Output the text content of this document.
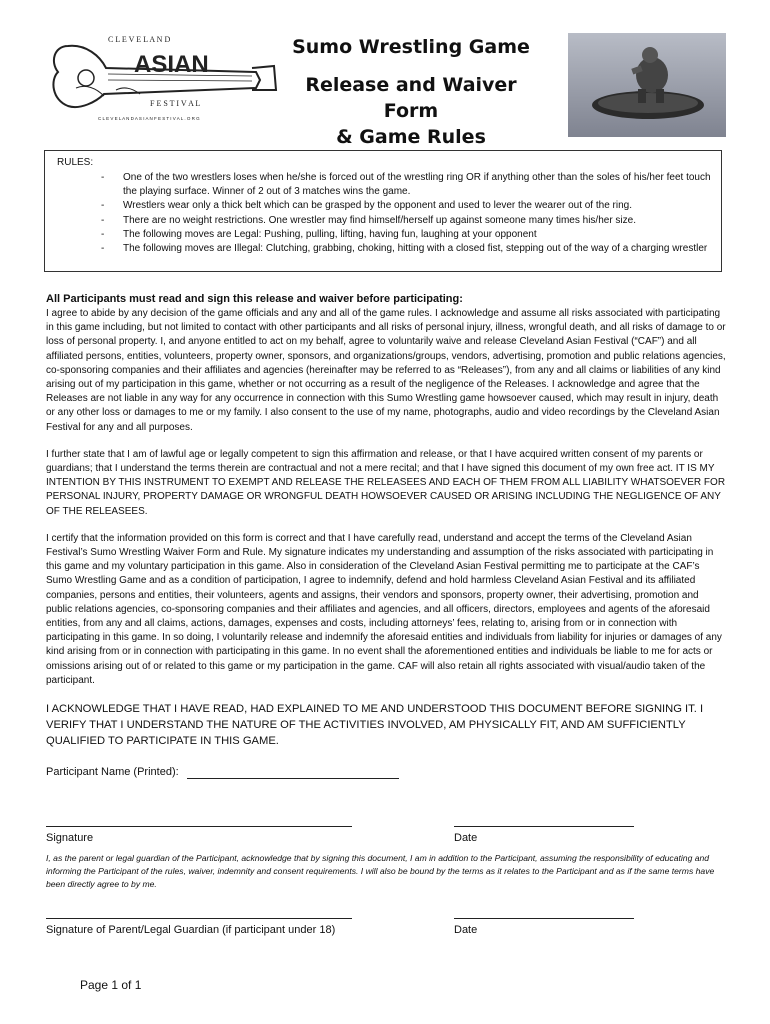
C L E V E L A N D
ASIAN
F E S T I V A L
C L E V E L A N D A S I A N F E S T I V A L . O R G
Sumo Wrestling Game
Release and Waiver Form
& Game Rules
RULES:
- One of the two wrestlers loses when he/she is forced out of the wrestling ring OR if anything other than the soles of his/her feet touch the playing surface. Winner of 2 out of 3 matches wins the game.
- Wrestlers wear only a thick belt which can be grasped by the opponent and used to lever the wearer out of the ring.
- There are no weight restrictions. One wrestler may find himself/herself up against someone many times his/her size.
- The following moves are Legal: Pushing, pulling, lifting, having fun, laughing at your opponent
- The following moves are Illegal: Clutching, grabbing, choking, hitting with a closed fist, stepping out of the way of a charging wrestler
All Participants must read and sign this release and waiver before participating:

I agree to abide by any decision of the game officials and any and all of the game rules. I acknowledge and assume all risks associated with participating in this game including, but not limited to contact with other participants and all risks of personal injury, illness, wrongful death, and all risks of damage to or loss of personal property. I, and anyone entitled to act on my behalf, agree to voluntarily waive and release Cleveland Asian Festival (“CAF”) and all affiliated persons, entities, volunteers, property owner, sponsors, and organizations/groups, vendors, advertising, promotion and public relations agencies, co-sponsoring companies and their affiliates and agencies (hereinafter may be referred to as “Releases”), from any and all claims or liabilities of any kind arising out of my participation in this game, whether or not occurring as a result of the negligence of the Releases. I acknowledge and agree that the Releases are not liable in any way for any occurrence in connection with this Sumo Wrestling game howsoever caused, which may result in injury, death or any other loss or damages to me or my family. I also consent to the use of my name, photographs, audio and video recordings by the Cleveland Asian Festival for any and all purposes.

I further state that I am of lawful age or legally competent to sign this affirmation and release, or that I have acquired written consent of my parents or guardians; that I understand the terms therein are contractual and not a mere recital; and that I have signed this document of my own free act. IT IS MY INTENTION BY THIS INSTRUMENT TO EXEMPT AND RELEASE THE RELEASEES AND EACH OF THEM FROM ALL LIABILITY WHATSOEVER FOR PERSONAL INJURY, PROPERTY DAMAGE OR WRONGFUL DEATH HOWSOEVER CAUSED OR ARISING INCLUDING THE NEGLIGENCE OF ANY OF THE RELEASEES.

I certify that the information provided on this form is correct and that I have carefully read, understand and accept the terms of the Cleveland Asian Festival’s Sumo Wrestling Waiver Form and Rule. My signature indicates my understanding and assumption of the risks associated with participating in this game and my voluntary participation in this game. Also in consideration of the Cleveland Asian Festival permitting me to participate at the CAF’s Sumo Wrestling Game and as a condition of participation, I agree to indemnify, defend and hold harmless Cleveland Asian Festival and its affiliated companies, persons and entities, their volunteers, agents and assigns, their vendors and sponsors, property owner, their advertising, promotion and public relations agencies, co-sponsoring companies and their affiliates and agencies, and all officers, directors, employees and agents of the aforesaid entities, from any and all claims, actions, damages, expenses and costs, including attorneys’ fees, relating to, arising from or in connection with participating in this game. In so doing, I voluntarily release and indemnify the aforesaid entities and individuals from liability for injuries or damages of any kind arising from or in connection with participating in this game. In no event shall the aforementioned entities and individuals be liable to me for acts or omissions arising out of or related to this game or my participation in the game. CAF will also retain all rights associated with visual/audio taken of the participant.

I ACKNOWLEDGE THAT I HAVE READ, HAD EXPLAINED TO ME AND UNDERSTOOD THIS DOCUMENT BEFORE SIGNING IT. I VERIFY THAT I UNDERSTAND THE NATURE OF THE ACTIVITIES INVOLVED, AM PHYSICALLY FIT, AND AM SUFFICIENTLY QUALIFIED TO PARTICIPATE IN THIS GAME.

Participant Name (Printed):
Signature	Date
I, as the parent or legal guardian of the Participant, acknowledge that by signing this document, I am in addition to the Participant, assuming the responsibility of educating and informing the Participant of the rules, waiver, indemnity and consent requirements. I will also be bound by the terms as it relates to the Participant and as if the same terms have been directly agree to by me.
Signature of Parent/Legal Guardian (if participant under 18)	Date
Page 1 of 1
